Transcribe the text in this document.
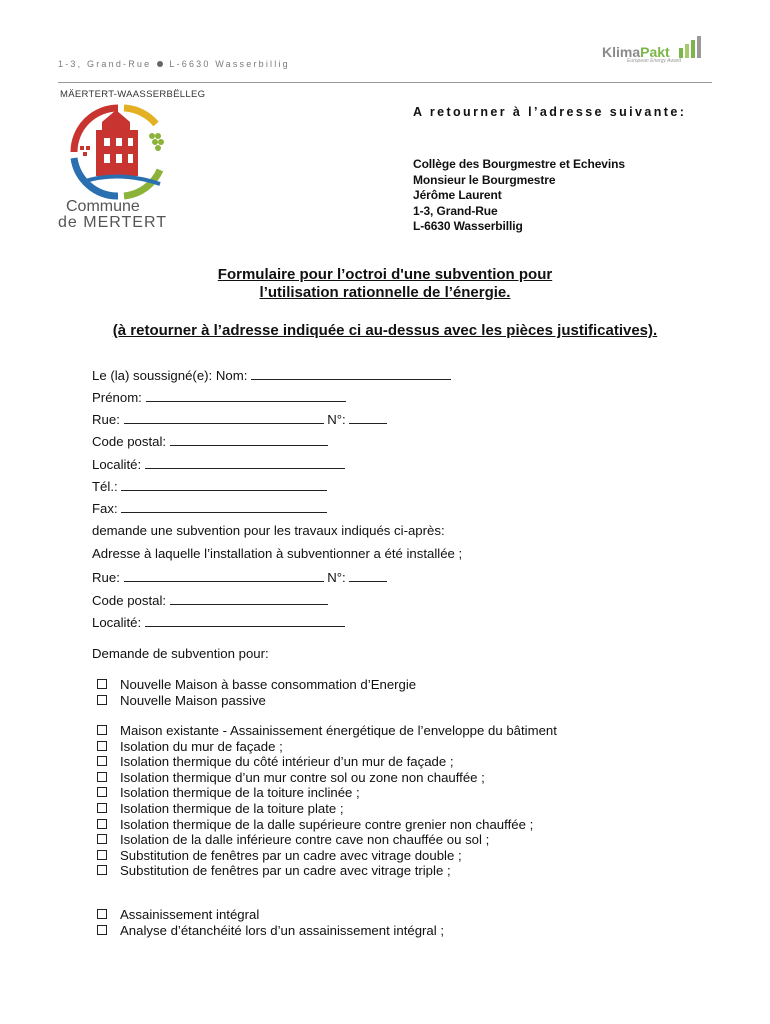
1-3, Grand-Rue L-6630 Wasserbillig
KlimaPakt
European Energy Award
MÄERTERT-WAASSERBËLLEG
Commune
de MERTERT
A retourner à l’adresse suivante:
Collège des Bourgmestre et Echevins
Monsieur le Bourgmestre
Jérôme Laurent
1-3, Grand-Rue
L-6630 Wasserbillig
Formulaire pour l’octroi d'une subvention pour
l’utilisation rationnelle de l’énergie.
(à retourner à l’adresse indiquée ci au-dessus avec les pièces justificatives).
Le (la) soussigné(e): Nom:
Prénom:
Rue:	N°:
Code postal:
Localité:
Tél.:
Fax:
demande une subvention pour les travaux indiqués ci-après:
Adresse à laquelle l’installation à subventionner a été installée ;
Rue:	N°:
Code postal:
Localité:
Demande de subvention pour:
Nouvelle Maison à basse consommation d’Energie
Nouvelle Maison passive
Maison existante - Assainissement énergétique de l’enveloppe du bâtiment
Isolation du mur de façade ;
Isolation thermique du côté intérieur d’un mur de façade ;
Isolation thermique d’un mur contre sol ou zone non chauffée ;
Isolation thermique de la toiture inclinée ;
Isolation thermique de la toiture plate ;
Isolation thermique de la dalle supérieure contre grenier non chauffée ;
Isolation de la dalle inférieure contre cave non chauffée ou sol ;
Substitution de fenêtres par un cadre avec vitrage double ;
Substitution de fenêtres par un cadre avec vitrage triple ;
Assainissement intégral
Analyse d’étanchéité lors d’un assainissement intégral ;
